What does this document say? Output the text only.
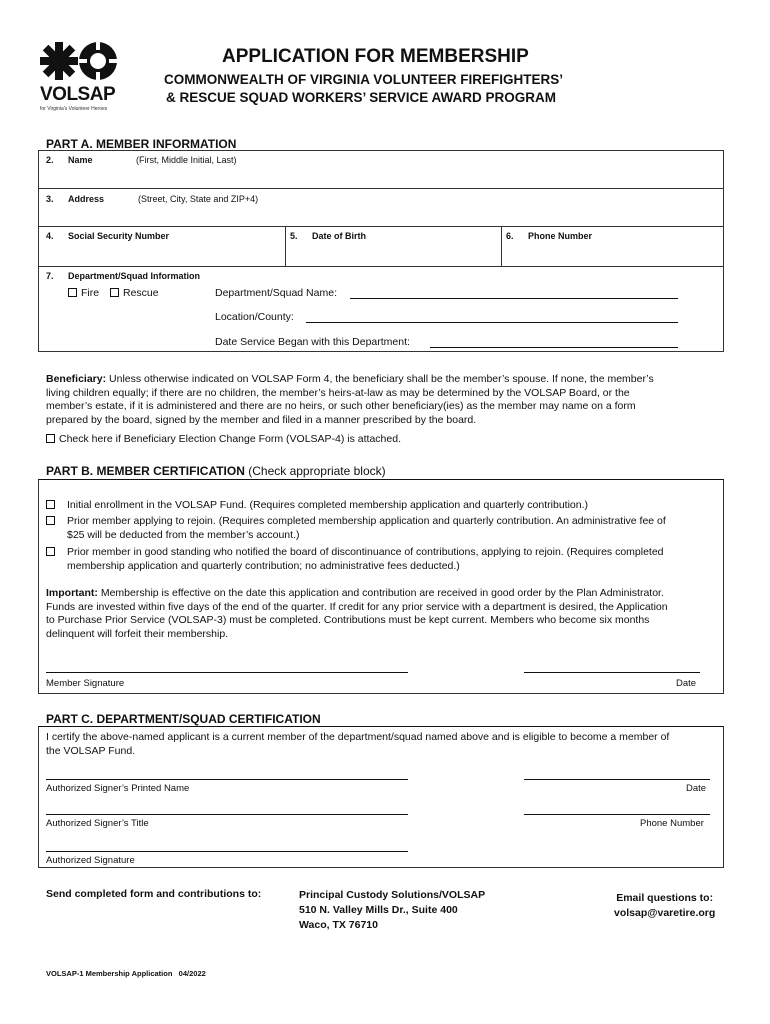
VOLSAP
for Virginia's Volunteer Heroes
APPLICATION FOR MEMBERSHIP
COMMONWEALTH OF VIRGINIA VOLUNTEER FIREFIGHTERS’
& RESCUE SQUAD WORKERS’ SERVICE AWARD PROGRAM
PART A. MEMBER INFORMATION
2. Name	(First, Middle Initial, Last)
3. Address	(Street, City, State and ZIP+4)
4. Social Security Number	5. Date of Birth	6. Phone Number
7. Department/Squad Information
Fire	Rescue	Department/Squad Name:
Location/County:
Date Service Began with this Department:
Beneficiary: Unless otherwise indicated on VOLSAP Form 4, the beneficiary shall be the member’s spouse. If none, the member’s
living children equally; if there are no children, the member’s heirs-at-law as may be determined by the VOLSAP Board, or the
member’s estate, if it is administered and there are no heirs, or such other beneficiary(ies) as the member may name on a form
prepared by the board, signed by the member and filed in a manner prescribed by the board.
Check here if Beneficiary Election Change Form (VOLSAP-4) is attached.
PART B. MEMBER CERTIFICATION (Check appropriate block)
Initial enrollment in the VOLSAP Fund. (Requires completed membership application and quarterly contribution.)
Prior member applying to rejoin. (Requires completed membership application and quarterly contribution. An administrative fee of
$25 will be deducted from the member’s account.)
Prior member in good standing who notified the board of discontinuance of contributions, applying to rejoin. (Requires completed
membership application and quarterly contribution; no administrative fees deducted.)
Important: Membership is effective on the date this application and contribution are received in good order by the Plan Administrator.
Funds are invested within five days of the end of the quarter. If credit for any prior service with a department is desired, the Application
to Purchase Prior Service (VOLSAP-3) must be completed. Contributions must be kept current. Members who become six months
delinquent will forfeit their membership.
Member Signature	Date
PART C. DEPARTMENT/SQUAD CERTIFICATION
I certify the above-named applicant is a current member of the department/squad named above and is eligible to become a member of
the VOLSAP Fund.
Authorized Signer’s Printed Name	Date
Authorized Signer’s Title	Phone Number
Authorized Signature
Send completed form and contributions to:	Principal Custody Solutions/VOLSAP
510 N. Valley Mills Dr., Suite 400
Waco, TX 76710
Email questions to:
volsap@varetire.org
VOLSAP-1 Membership Application 04/2022
